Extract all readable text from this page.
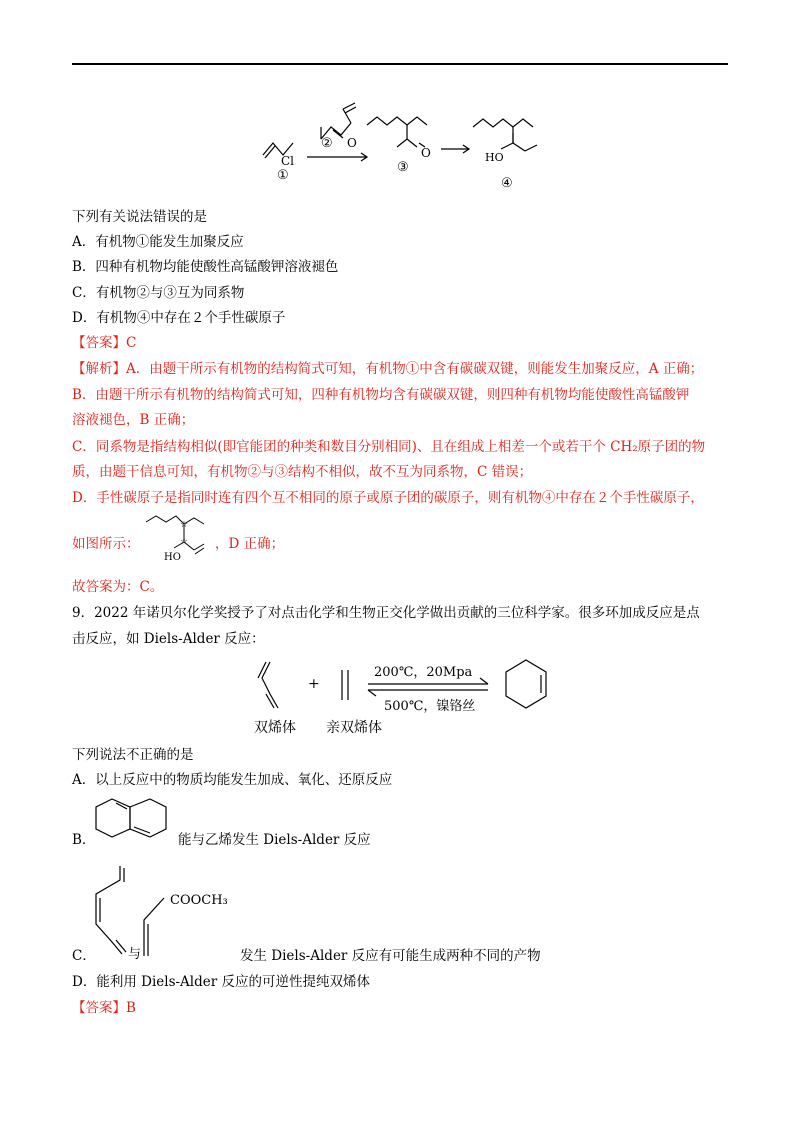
Cl
①
② O
③
O	HO
④
下列有关说法错误的是
A．有机物①能发生加聚反应
B．四种有机物均能使酸性高锰酸钾溶液褪色
C．有机物②与③互为同系物
D．有机物④中存在２个手性碳原子
【答案】C
【解析】A．由题干所示有机物的结构简式可知，有机物①中含有碳碳双键，则能发生加聚反应，A 正确；
B．由题干所示有机物的结构简式可知，四种有机物均含有碳碳双键，则四种有机物均能使酸性高锰酸钾
溶液褪色，B 正确；
C．同系物是指结构相似(即官能团的种类和数目分别相同)、且在组成上相差一个或若干个 CH₂原子团的物
质，由题干信息可知，有机物②与③结构不相似，故不互为同系物，C 错误；
D．手性碳原子是指同时连有四个互不相同的原子或原子团的碳原子，则有机物④中存在２个手性碳原子，
如图所示：
☆
☆
HO
，D 正确；
故答案为：C。
9．2022 年诺贝尔化学奖授予了对点击化学和生物正交化学做出贡献的三位科学家。很多环加成反应是点
击反应，如 Diels-Alder 反应：
+
200℃，20Mpa
500℃，镍铬丝
双烯体 亲双烯体
下列说法不正确的是
A．以上反应中的物质均能发生加成、氧化、还原反应
B．	能与乙烯发生 Diels-Alder 反应
COOCH₃
与
C．	发生 Diels-Alder 反应有可能生成两种不同的产物
D．能利用 Diels-Alder 反应的可逆性提纯双烯体
【答案】B
